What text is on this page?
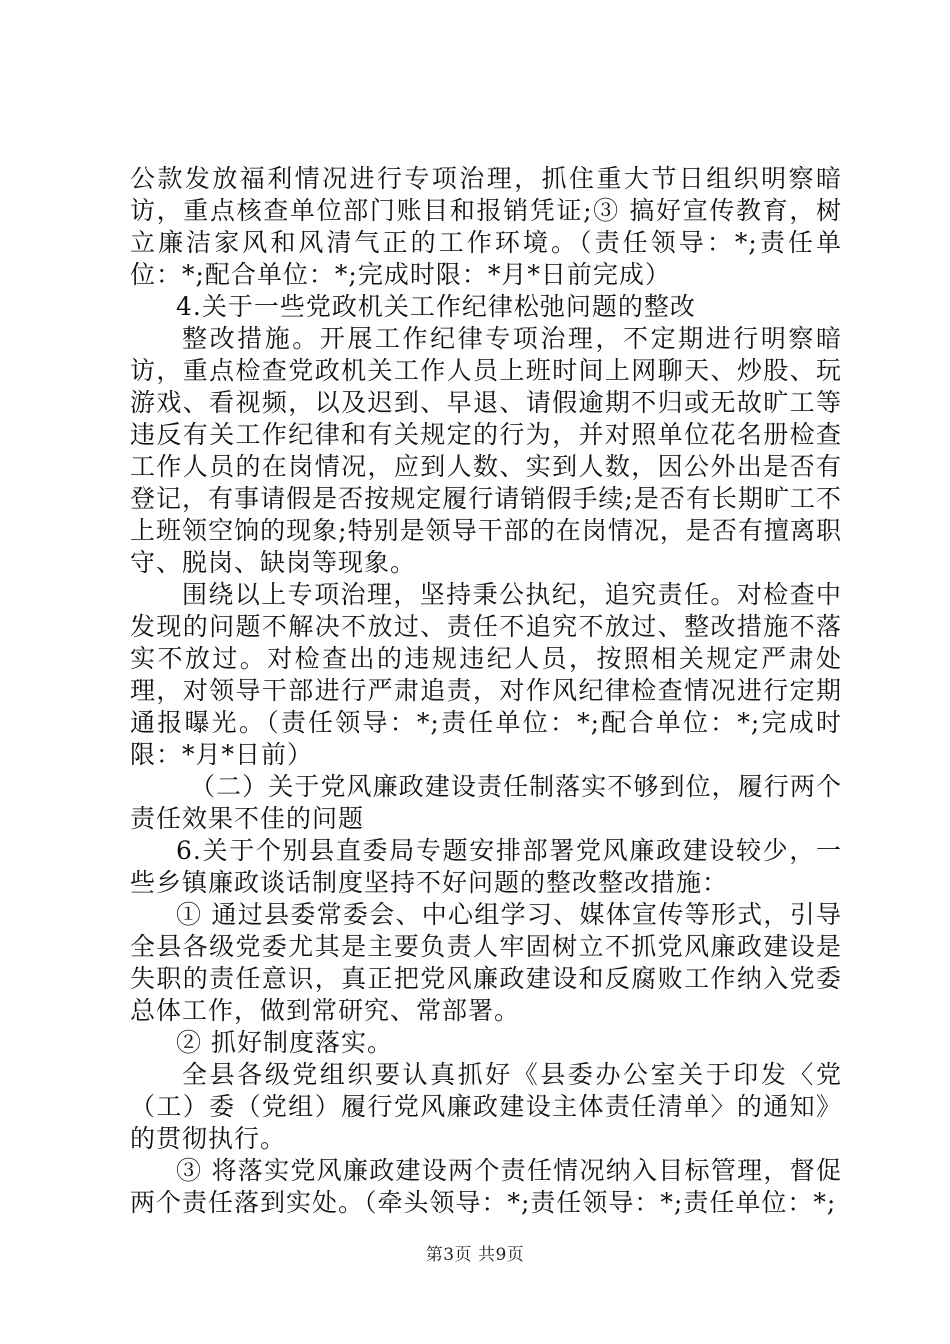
公款发放福利情况进行专项治理，抓住重大节日组织明察暗访，重点核查单位部门账目和报销凭证;③ 搞好宣传教育，树立廉洁家风和风清气正的工作环境。（责任领导：*;责任单位：*;配合单位：*;完成时限：*月*日前完成）

4.关于一些党政机关工作纪律松弛问题的整改

整改措施。开展工作纪律专项治理，不定期进行明察暗访，重点检查党政机关工作人员上班时间上网聊天、炒股、玩游戏、看视频，以及迟到、早退、请假逾期不归或无故旷工等违反有关工作纪律和有关规定的行为，并对照单位花名册检查工作人员的在岗情况，应到人数、实到人数，因公外出是否有登记，有事请假是否按规定履行请销假手续;是否有长期旷工不上班领空饷的现象;特别是领导干部的在岗情况，是否有擅离职守、脱岗、缺岗等现象。

围绕以上专项治理，坚持秉公执纪，追究责任。对检查中发现的问题不解决不放过、责任不追究不放过、整改措施不落实不放过。对检查出的违规违纪人员，按照相关规定严肃处理，对领导干部进行严肃追责，对作风纪律检查情况进行定期通报曝光。（责任领导：*;责任单位：*;配合单位：*;完成时限：*月*日前）

（二）关于党风廉政建设责任制落实不够到位，履行两个责任效果不佳的问题

6.关于个别县直委局专题安排部署党风廉政建设较少，一些乡镇廉政谈话制度坚持不好问题的整改整改措施：

① 通过县委常委会、中心组学习、媒体宣传等形式，引导全县各级党委尤其是主要负责人牢固树立不抓党风廉政建设是失职的责任意识，真正把党风廉政建设和反腐败工作纳入党委总体工作，做到常研究、常部署。

② 抓好制度落实。

全县各级党组织要认真抓好《县委办公室关于印发〈党（工）委（党组）履行党风廉政建设主体责任清单〉的通知》的贯彻执行。

③ 将落实党风廉政建设两个责任情况纳入目标管理，督促两个责任落到实处。（牵头领导：*;责任领导：*;责任单位：*;

第3页 共9页
